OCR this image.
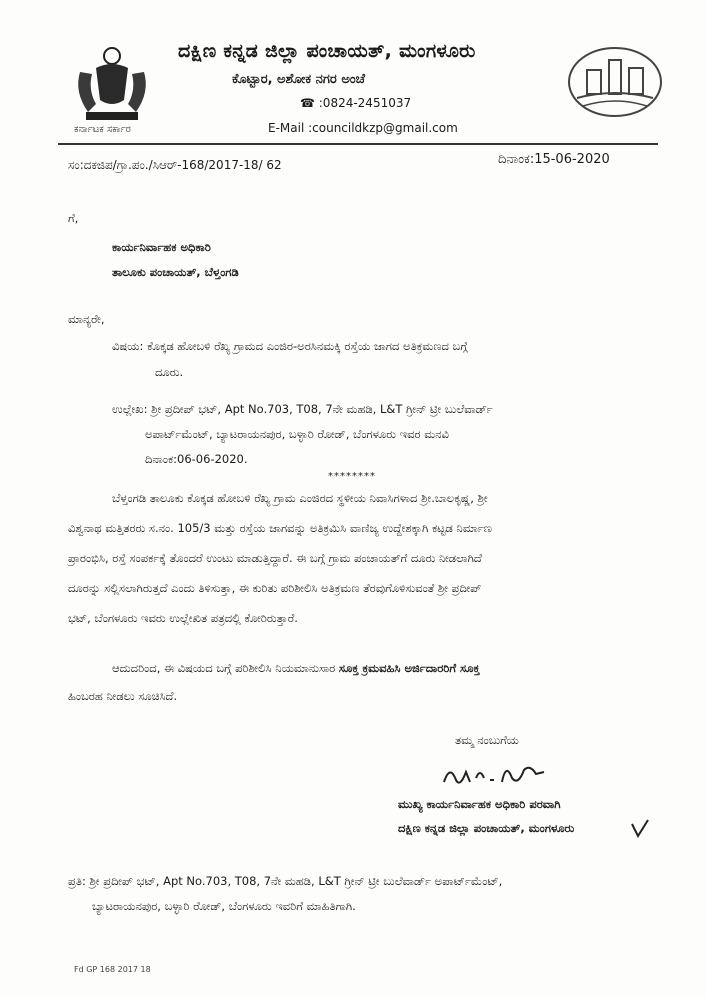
ಕರ್ನಾಟಕ ಸರ್ಕಾರ
ದಕ್ಷಿಣ ಕನ್ನಡ ಜಿಲ್ಲಾ ಪಂಚಾಯತ್, ಮಂಗಳೂರು
ಕೊಟ್ಟಾರ, ಅಶೋಕ ನಗರ ಅಂಚೆ
☎ :0824-2451037
E-Mail :councildkzp@gmail.com
ಸಂ:ದಕಜಿಪ/ಗ್ರಾ.ಪಂ./ಸಿಆರ್-168/2017-18/ 62	ದಿನಾಂಕ:15-06-2020
ಗೆ,
ಕಾರ್ಯನಿರ್ವಾಹಕ ಅಧಿಕಾರಿ
ತಾಲೂಕು ಪಂಚಾಯತ್, ಬೆಳ್ತಂಗಡಿ
ಮಾನ್ಯರೇ,
ವಿಷಯ: ಕೊಕ್ಕಡ ಹೋಬಳಿ ರೆಖ್ಯ ಗ್ರಾಮದ ಎಂಜಿರ-ಅರಸಿನಮಕ್ಕಿ ರಸ್ತೆಯ ಜಾಗದ ಅತಿಕ್ರಮಣದ ಬಗ್ಗೆ
ದೂರು.
ಉಲ್ಲೇಖ: ಶ್ರೀ ಪ್ರದೀಪ್ ಭಟ್, Apt No.703, T08, 7ನೇ ಮಹಡಿ, L&T ಗ್ರೀನ್ ಟ್ರೀ ಬುಲೆವಾರ್ಡ್
ಅಪಾರ್ಟ್‌ಮೆಂಟ್, ಬ್ಯಾಟರಾಯನಪುರ, ಬಳ್ಳಾರಿ ರೋಡ್, ಬೆಂಗಳೂರು ಇವರ ಮನವಿ
ದಿನಾಂಕ:06-06-2020.
********
ಬೆಳ್ತಂಗಡಿ ತಾಲೂಕು ಕೊಕ್ಕಡ ಹೋಬಳಿ ರೆಖ್ಯ ಗ್ರಾಮ ಎಂಜಿರದ ಸ್ಥಳೀಯ ನಿವಾಸಿಗಳಾದ ಶ್ರೀ.ಬಾಲಕೃಷ್ಣ, ಶ್ರೀ
ವಿಶ್ವನಾಥ ಮತ್ತಿತರರು ಸ.ನಂ. 105/3 ಮತ್ತು ರಸ್ತೆಯ ಜಾಗವನ್ನು ಅತಿಕ್ರಮಿಸಿ ವಾಣಿಜ್ಯ ಉದ್ದೇಶಕ್ಕಾಗಿ ಕಟ್ಟಡ ನಿರ್ಮಾಣ
ಪ್ರಾರಂಭಿಸಿ, ರಸ್ತೆ ಸಂಪರ್ಕಕ್ಕೆ ತೊಂದರೆ ಉಂಟು ಮಾಡುತ್ತಿದ್ದಾರೆ. ಈ ಬಗ್ಗೆ ಗ್ರಾಮ ಪಂಚಾಯತ್‌ಗೆ ದೂರು ನೀಡಲಾಗಿದೆ
ದೂರನ್ನು ಸಲ್ಲಿಸಲಾಗಿರುತ್ತದೆ ಎಂದು ತಿಳಿಸುತ್ತಾ, ಈ ಕುರಿತು ಪರಿಶೀಲಿಸಿ ಅತಿಕ್ರಮಣ ತೆರವುಗೊಳಿಸುವಂತೆ ಶ್ರೀ ಪ್ರದೀಪ್
ಭಟ್, ಬೆಂಗಳೂರು ಇವರು ಉಲ್ಲೇಖಿತ ಪತ್ರದಲ್ಲಿ ಕೋರಿರುತ್ತಾರೆ.
ಆದುದರಿಂದ, ಈ ವಿಷಯದ ಬಗ್ಗೆ ಪರಿಶೀಲಿಸಿ ನಿಯಮಾನುಸಾರ ಸೂಕ್ತ ಕ್ರಮವಹಿಸಿ ಅರ್ಜಿದಾರರಿಗೆ ಸೂಕ್ತ
ಹಿಂಬರಹ ನೀಡಲು ಸೂಚಿಸಿದೆ.
ತಮ್ಮ ನಂಬುಗೆಯ
ಮುಖ್ಯ ಕಾರ್ಯನಿರ್ವಾಹಕ ಅಧಿಕಾರಿ ಪರವಾಗಿ
ದಕ್ಷಿಣ ಕನ್ನಡ ಜಿಲ್ಲಾ ಪಂಚಾಯತ್, ಮಂಗಳೂರು
ಪ್ರತಿ: ಶ್ರೀ ಪ್ರದೀಪ್ ಭಟ್, Apt No.703, T08, 7ನೇ ಮಹಡಿ, L&T ಗ್ರೀನ್ ಟ್ರೀ ಬುಲೆವಾರ್ಡ್ ಅಪಾರ್ಟ್‌ಮೆಂಟ್,
ಬ್ಯಾಟರಾಯನಪುರ, ಬಳ್ಳಾರಿ ರೋಡ್, ಬೆಂಗಳೂರು ಇವರಿಗೆ ಮಾಹಿತಿಗಾಗಿ.
Fd GP 168 2017 18
